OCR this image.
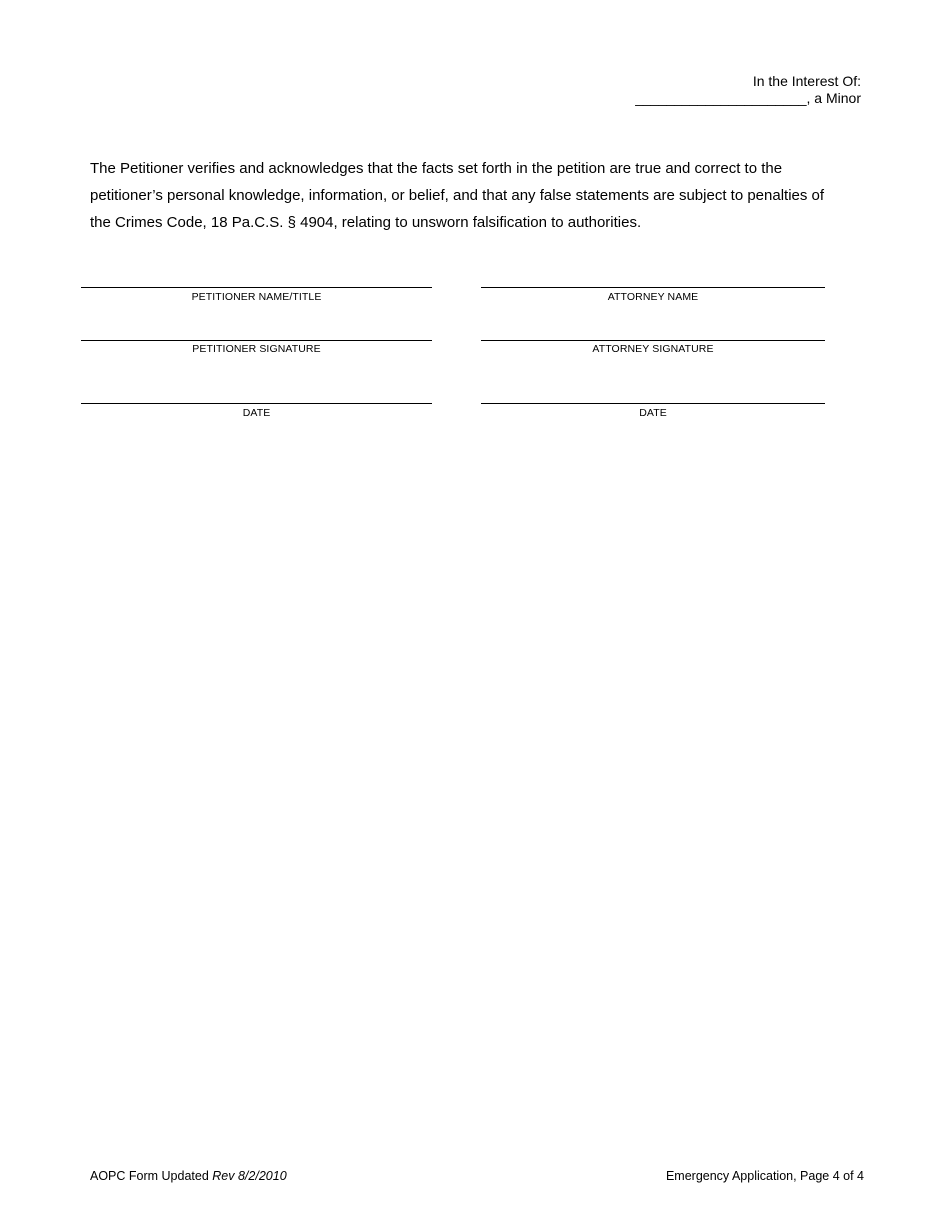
In the Interest Of:
______________________, a Minor

The Petitioner verifies and acknowledges that the facts set forth in the petition are true and correct to the petitioner’s personal knowledge, information, or belief, and that any false statements are subject to penalties of the Crimes Code, 18 Pa.C.S. § 4904, relating to unsworn falsification to authorities.

PETITIONER NAME/TITLE	ATTORNEY NAME
PETITIONER SIGNATURE	ATTORNEY SIGNATURE
DATE	DATE
AOPC Form Updated Rev 8/2/2010	Emergency Application, Page 4 of 4
